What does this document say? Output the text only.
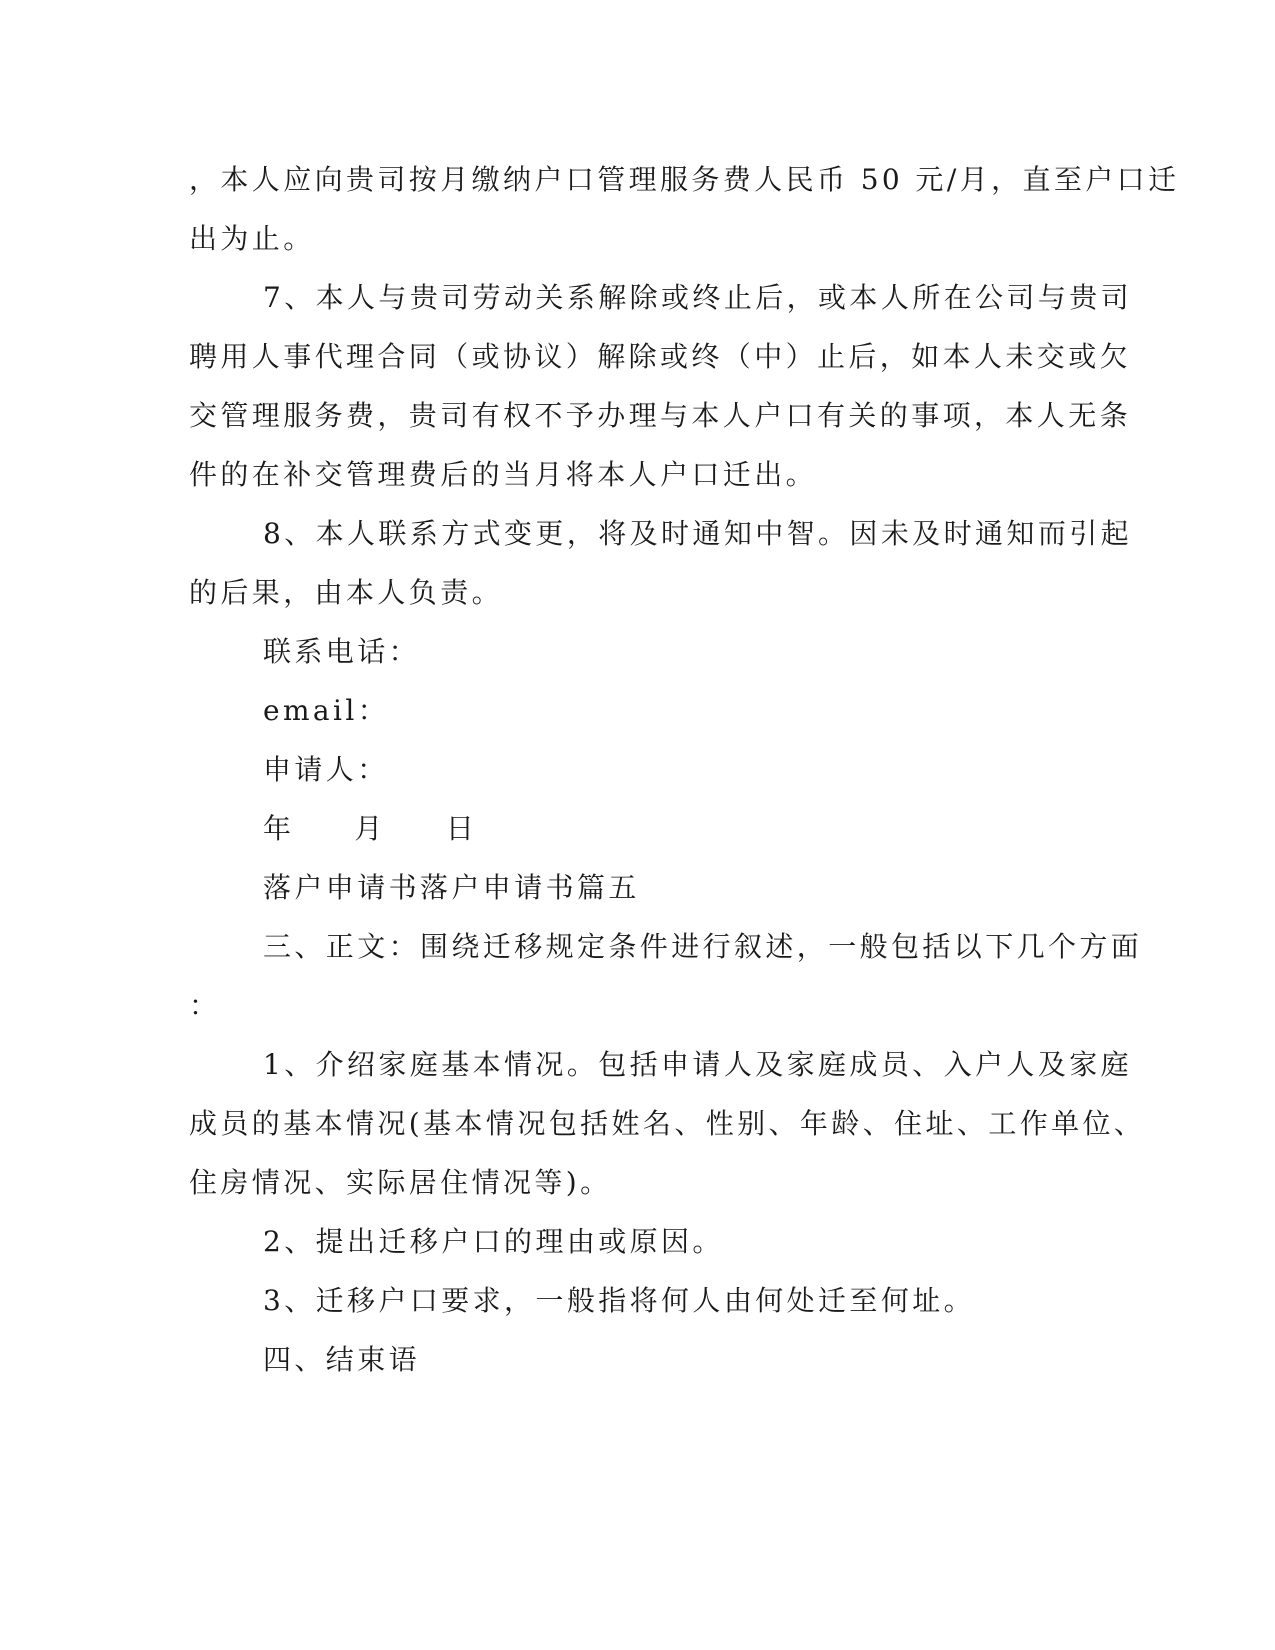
，本人应向贵司按月缴纳户口管理服务费人民币 50 元/月，直至户口迁
出为止。
7、本人与贵司劳动关系解除或终止后，或本人所在公司与贵司
聘用人事代理合同（或协议）解除或终（中）止后，如本人未交或欠
交管理服务费，贵司有权不予办理与本人户口有关的事项，本人无条
件的在补交管理费后的当月将本人户口迁出。
8、本人联系方式变更，将及时通知中智。因未及时通知而引起
的后果，由本人负责。
联系电话：
email：
申请人：
年 月 日
落户申请书落户申请书篇五
三、正文：围绕迁移规定条件进行叙述，一般包括以下几个方面
：
1、介绍家庭基本情况。包括申请人及家庭成员、入户人及家庭
成员的基本情况(基本情况包括姓名、性别、年龄、住址、工作单位、
住房情况、实际居住情况等)。
2、提出迁移户口的理由或原因。
3、迁移户口要求，一般指将何人由何处迁至何址。
四、结束语
